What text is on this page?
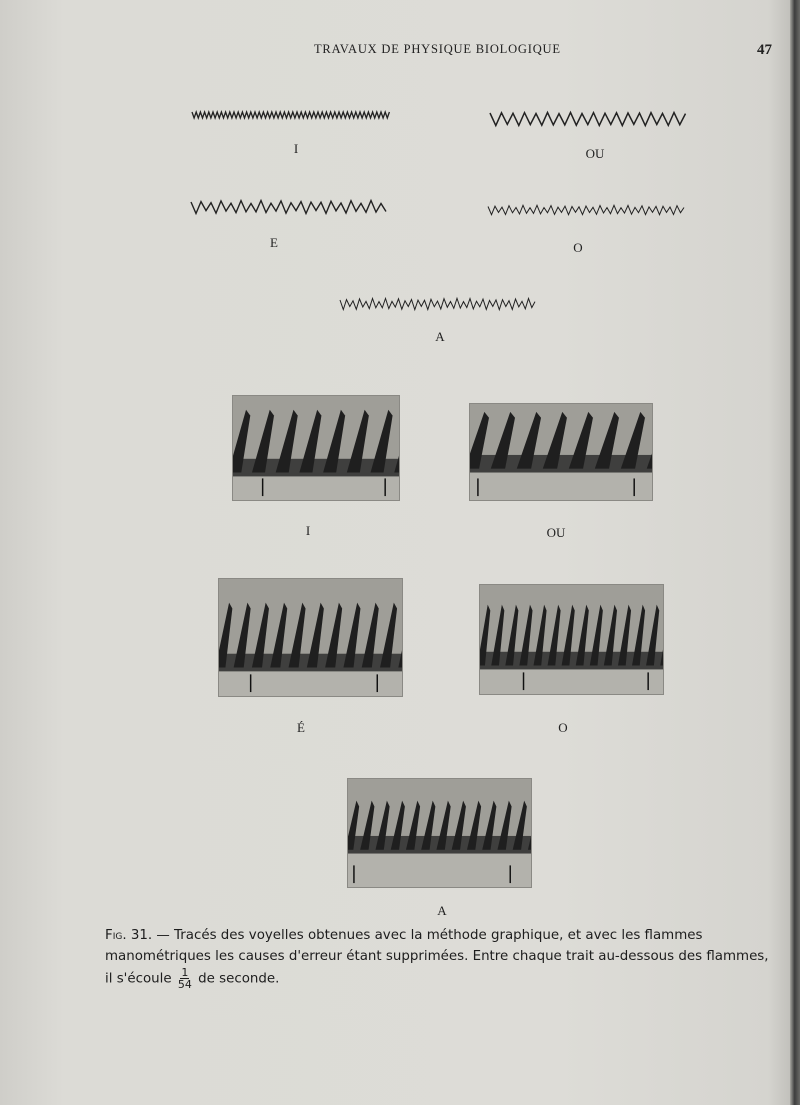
TRAVAUX DE PHYSIQUE BIOLOGIQUE	47
I	OU
E	O
A
I	OU
É	O
A
Fig. 31. — Tracés des voyelles obtenues avec la méthode graphique, et avec les flammes manométriques les causes d'erreur étant supprimées. Entre chaque trait au-dessous des flammes, il s'écoule $\frac{1}{54}$ de seconde.
